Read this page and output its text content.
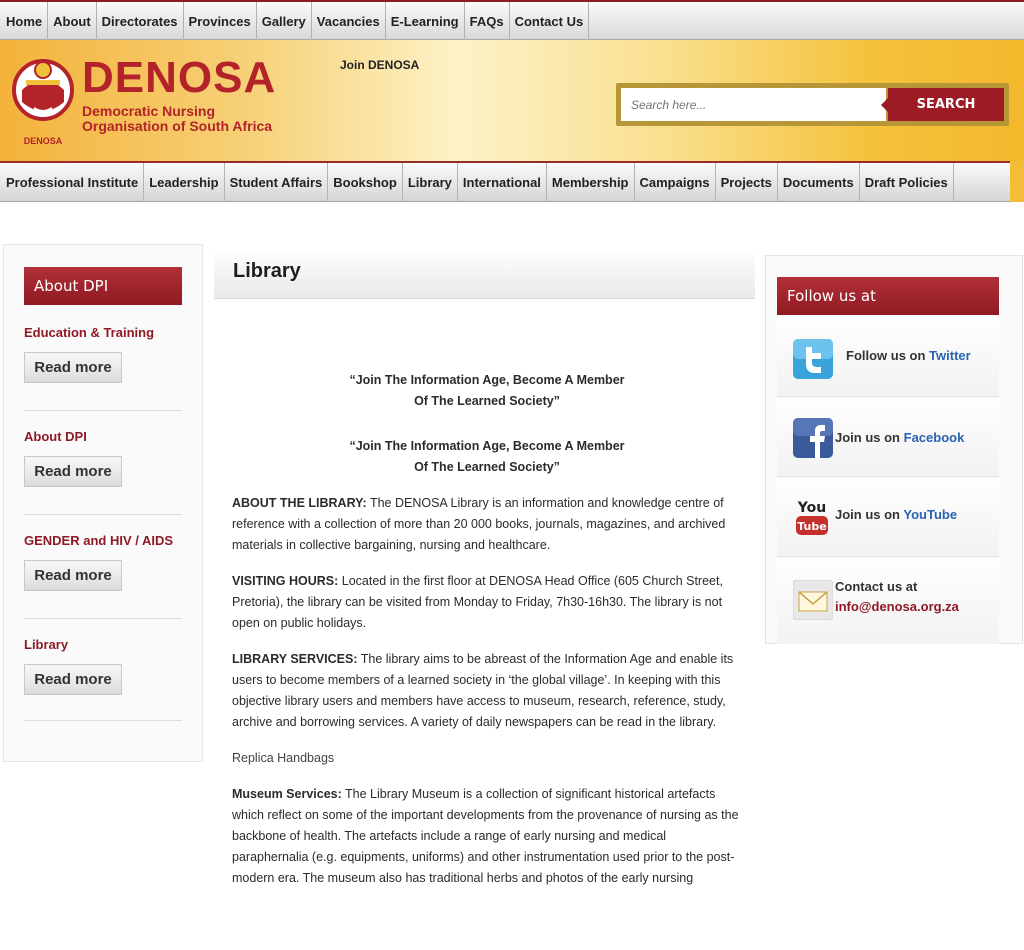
Home About Directorates Provinces Gallery Vacancies E-Learning FAQs Contact Us
DENOSA
DENOSA
Democratic Nursing
Organisation of South Africa
Join DENOSA
Search here...
SEARCH
Professional Institute Leadership Student Affairs Bookshop Library International Membership Campaigns Projects Documents Draft Policies
About DPI
Education & Training
Read more
About DPI
Read more
GENDER and HIV / AIDS
Read more
Library
Read more
Library
“Join The Information Age, Become A Member
Of The Learned Society”
“Join The Information Age, Become A Member
Of The Learned Society”

ABOUT THE LIBRARY: The DENOSA Library is an information and knowledge centre of reference with a collection of more than 20 000 books, journals, magazines, and archived materials in collective bargaining, nursing and healthcare.

VISITING HOURS: Located in the first floor at DENOSA Head Office (605 Church Street, Pretoria), the library can be visited from Monday to Friday, 7h30-16h30. The library is not open on public holidays.

LIBRARY SERVICES: The library aims to be abreast of the Information Age and enable its users to become members of a learned society in ‘the global village’. In keeping with this objective library users and members have access to museum, research, reference, study, archive and borrowing services. A variety of daily newspapers can be read in the library.

Replica Handbags

Museum Services: The Library Museum is a collection of significant historical artefacts which reflect on some of the important developments from the provenance of nursing as the backbone of health. The artefacts include a range of early nursing and medical paraphernalia (e.g. equipments, uniforms) and other instrumentation used prior to the post-modern era. The museum also has traditional herbs and photos of the early nursing

Follow us at
Follow us on Twitter
Join us on Facebook
You
Tube
Join us on YouTube
Contact us at
info@denosa.org.za
